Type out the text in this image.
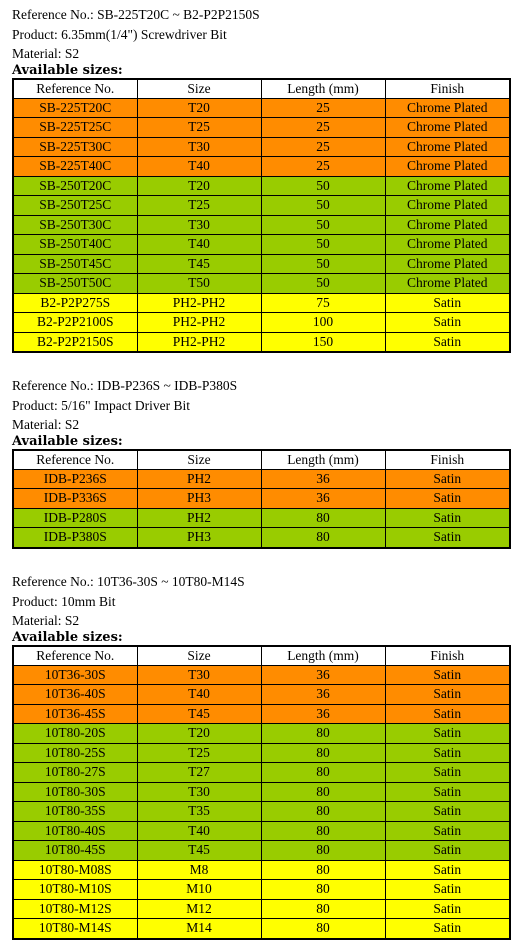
Reference No.: SB-225T20C ~ B2-P2P2150S
Product: 6.35mm(1/4") Screwdriver Bit
Material: S2
Available sizes:
Reference No.	Size	Length (mm)	Finish
SB-225T20C	T20	25	Chrome Plated
SB-225T25C	T25	25	Chrome Plated
SB-225T30C	T30	25	Chrome Plated
SB-225T40C	T40	25	Chrome Plated
SB-250T20C	T20	50	Chrome Plated
SB-250T25C	T25	50	Chrome Plated
SB-250T30C	T30	50	Chrome Plated
SB-250T40C	T40	50	Chrome Plated
SB-250T45C	T45	50	Chrome Plated
SB-250T50C	T50	50	Chrome Plated
B2-P2P275S	PH2-PH2	75	Satin
B2-P2P2100S	PH2-PH2	100	Satin
B2-P2P2150S	PH2-PH2	150	Satin
Reference No.: IDB-P236S ~ IDB-P380S
Product: 5/16" Impact Driver Bit
Material: S2
Available sizes:
Reference No.	Size	Length (mm)	Finish
IDB-P236S	PH2	36	Satin
IDB-P336S	PH3	36	Satin
IDB-P280S	PH2	80	Satin
IDB-P380S	PH3	80	Satin
Reference No.: 10T36-30S ~ 10T80-M14S
Product: 10mm Bit
Material: S2
Available sizes:
Reference No.	Size	Length (mm)	Finish
10T36-30S	T30	36	Satin
10T36-40S	T40	36	Satin
10T36-45S	T45	36	Satin
10T80-20S	T20	80	Satin
10T80-25S	T25	80	Satin
10T80-27S	T27	80	Satin
10T80-30S	T30	80	Satin
10T80-35S	T35	80	Satin
10T80-40S	T40	80	Satin
10T80-45S	T45	80	Satin
10T80-M08S	M8	80	Satin
10T80-M10S	M10	80	Satin
10T80-M12S	M12	80	Satin
10T80-M14S	M14	80	Satin
